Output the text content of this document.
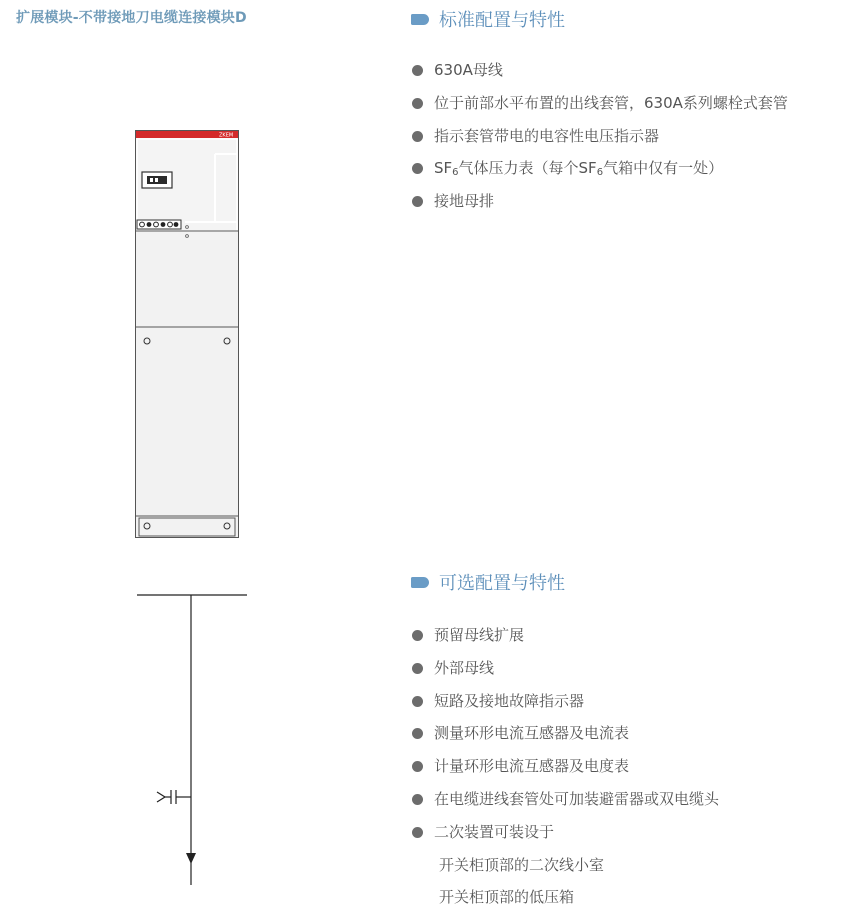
扩展模块-不带接地刀电缆连接模块D
ZKEM
标准配置与特性
630A母线
位于前部水平布置的出线套管，630A系列螺栓式套管
指示套管带电的电容性电压指示器
SF6气体压力表（每个SF6气箱中仅有一处）
接地母排
可选配置与特性
预留母线扩展
外部母线
短路及接地故障指示器
测量环形电流互感器及电流表
计量环形电流互感器及电度表
在电缆进线套管处可加装避雷器或双电缆头
二次装置可装设于
开关柜顶部的二次线小室
开关柜顶部的低压箱
